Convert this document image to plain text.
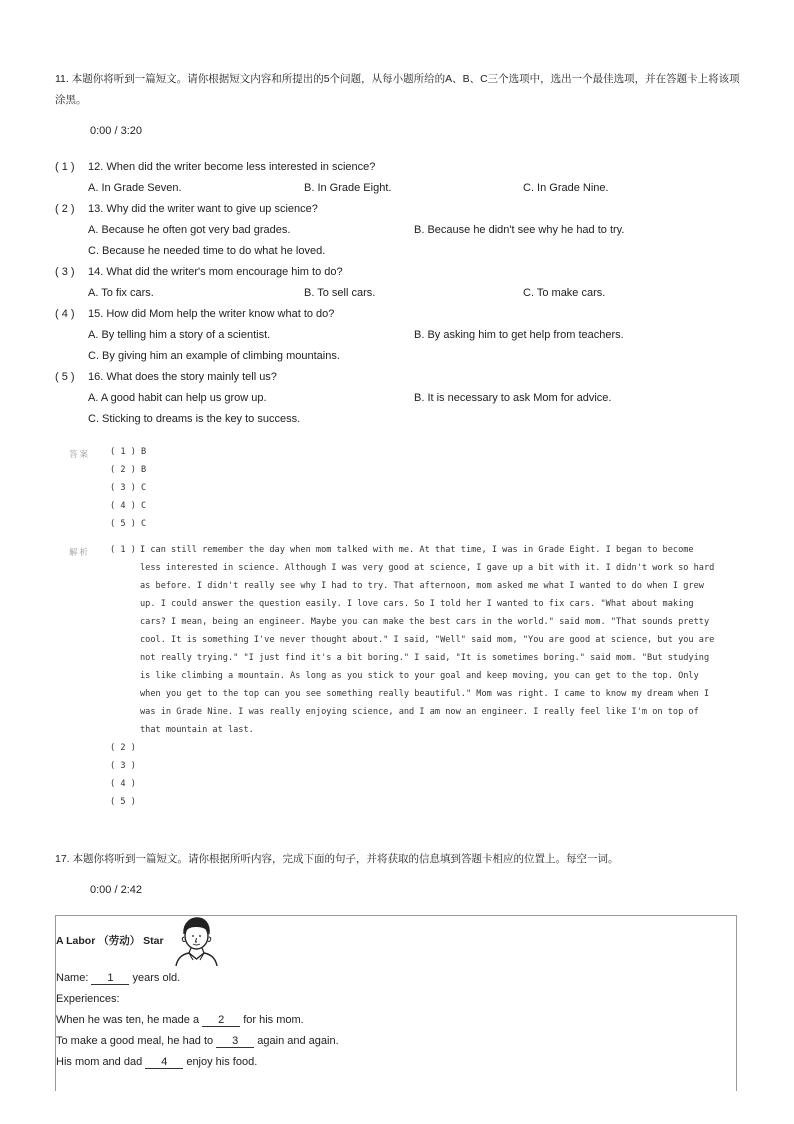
11. 本题你将听到一篇短文。请你根据短文内容和所提出的5个问题，从每小题所给的A、B、C三个选项中，选出一个最佳选项，并在答题卡上将该项
涂黑。
0:00 / 3:20
( 1 ) 12. When did the writer become less interested in science?
A. In Grade Seven.	B. In Grade Eight.	C. In Grade Nine.
( 2 ) 13. Why did the writer want to give up science?
A. Because he often got very bad grades.	B. Because he didn't see why he had to try.
C. Because he needed time to do what he loved.
( 3 ) 14. What did the writer's mom encourage him to do?
A. To fix cars.	B. To sell cars.	C. To make cars.
( 4 ) 15. How did Mom help the writer know what to do?
A. By telling him a story of a scientist.	B. By asking him to get help from teachers.
C. By giving him an example of climbing mountains.
( 5 ) 16. What does the story mainly tell us?
A. A good habit can help us grow up.	B. It is necessary to ask Mom for advice.
C. Sticking to dreams is the key to success.
答案 ( 1 ) B
( 2 ) B
( 3 ) C
( 4 ) C
( 5 ) C
解析 ( 1 ) I can still remember the day when mom talked with me. At that time, I was in Grade Eight. I began to become
less interested in science. Although I was very good at science, I gave up a bit with it. I didn't work so hard
as before. I didn't really see why I had to try. That afternoon, mom asked me what I wanted to do when I grew
up. I could answer the question easily. I love cars. So I told her I wanted to fix cars. "What about making
cars? I mean, being an engineer. Maybe you can make the best cars in the world." said mom. "That sounds pretty
cool. It is something I've never thought about." I said, "Well" said mom, "You are good at science, but you are
not really trying." "I just find it's a bit boring." I said, "It is sometimes boring." said mom. "But studying
is like climbing a mountain. As long as you stick to your goal and keep moving, you can get to the top. Only
when you get to the top can you see something really beautiful." Mom was right. I came to know my dream when I
was in Grade Nine. I was really enjoying science, and I am now an engineer. I really feel like I'm on top of
that mountain at last.
( 2 )
( 3 )
( 4 )
( 5 )
17. 本题你将听到一篇短文。请你根据所听内容，完成下面的句子，并将获取的信息填到答题卡相应的位置上。每空一词。
0:00 / 2:42
A Labor （劳动） Star
Name: 1 years old.
Experiences:
When he was ten, he made a 2 for his mom.
To make a good meal, he had to 3 again and again.
His mom and dad 4 enjoy his food.
